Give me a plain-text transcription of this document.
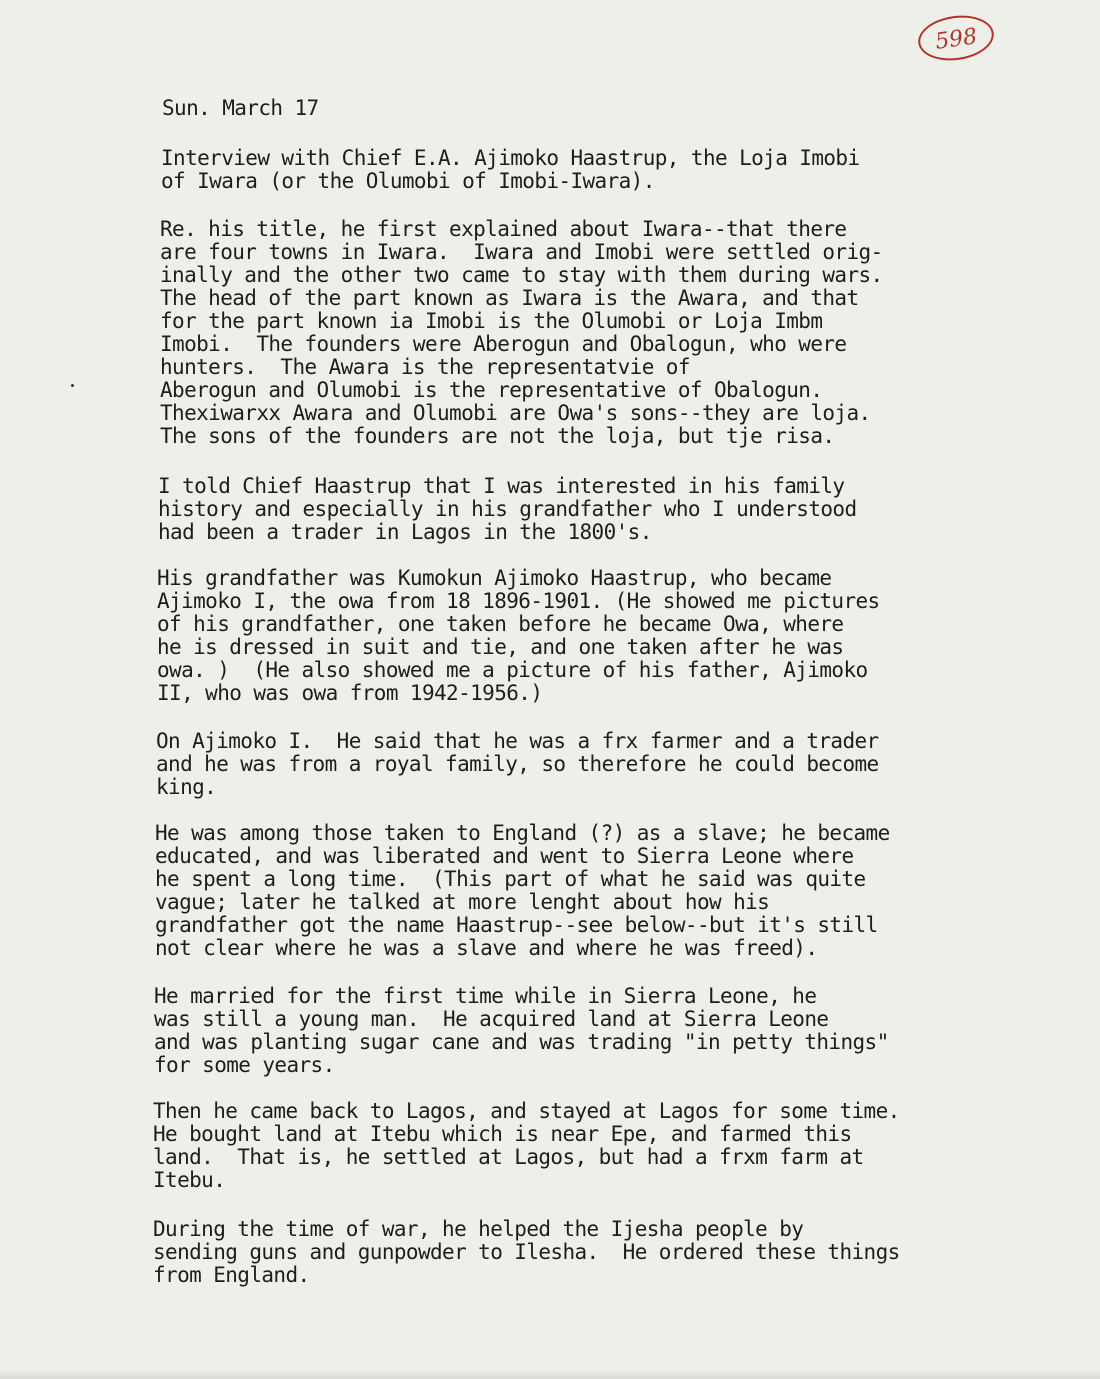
598

Sun. March 17

Interview with Chief E.A. Ajimoko Haastrup, the Loja Imobi

of Iwara (or the Olumobi of Imobi-Iwara).

Re. his title, he first explained about Iwara--that there

are four towns in Iwara.  Iwara and Imobi were settled orig-

inally and the other two came to stay with them during wars.

The head of the part known as Iwara is the Awara, and that

for the part known ia Imobi is the Olumobi or Loja Imbm

Imobi.  The founders were Aberogun and Obalogun, who were

hunters.  The Awara is the representatvie of

Aberogun and Olumobi is the representative of Obalogun.

Thexiwarxx Awara and Olumobi are Owa's sons--they are loja.

The sons of the founders are not the loja, but tje risa.

I told Chief Haastrup that I was interested in his family

history and especially in his grandfather who I understood

had been a trader in Lagos in the 1800's.

His grandfather was Kumokun Ajimoko Haastrup, who became

Ajimoko I, the owa from 18 1896-1901. (He showed me pictures

of his grandfather, one taken before he became Owa, where

he is dressed in suit and tie, and one taken after he was

owa. )  (He also showed me a picture of his father, Ajimoko

II, who was owa from 1942-1956.)

On Ajimoko I.  He said that he was a frx farmer and a trader

and he was from a royal family, so therefore he could become

king.

He was among those taken to England (?) as a slave; he became

educated, and was liberated and went to Sierra Leone where

he spent a long time.  (This part of what he said was quite

vague; later he talked at more lenght about how his

grandfather got the name Haastrup--see below--but it's still

not clear where he was a slave and where he was freed).

He married for the first time while in Sierra Leone, he

was still a young man.  He acquired land at Sierra Leone

and was planting sugar cane and was trading "in petty things"

for some years.

Then he came back to Lagos, and stayed at Lagos for some time.

He bought land at Itebu which is near Epe, and farmed this

land.  That is, he settled at Lagos, but had a frxm farm at

Itebu.

During the time of war, he helped the Ijesha people by

sending guns and gunpowder to Ilesha.  He ordered these things

from England.
